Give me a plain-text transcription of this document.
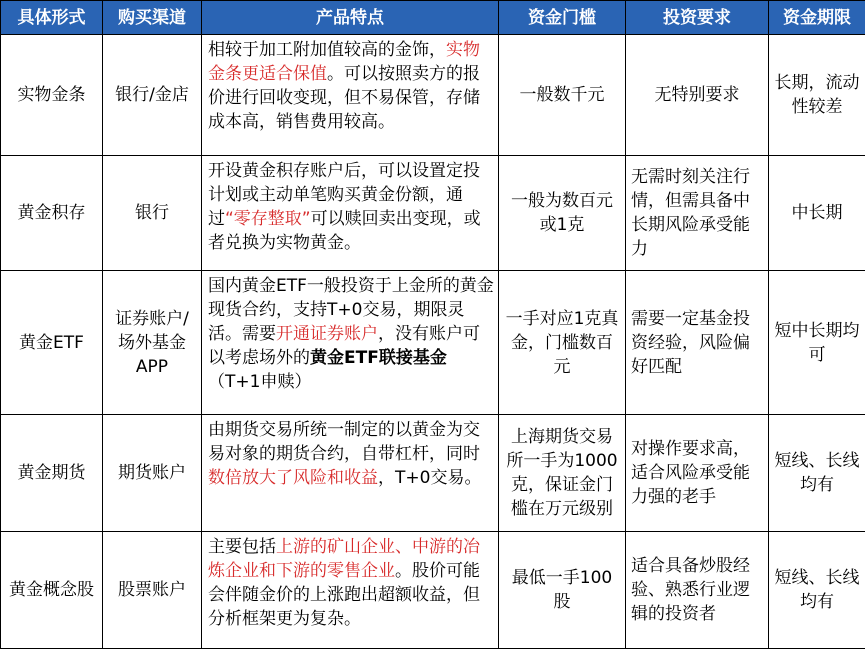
具体形式	购买渠道	产品特点	资金门槛	投资要求	资金期限
实物金条	银行/金店	相较于加工附加值较高的金饰，实物金条更适合保值。可以按照卖方的报价进行回收变现，但不易保管，存储成本高，销售费用较高。	一般数千元	无特别要求	长期，流动性较差
黄金积存	银行	开设黄金积存账户后，可以设置定投计划或主动单笔购买黄金份额，通过“零存整取”可以赎回卖出变现，或者兑换为实物黄金。	一般为数百元或1克	无需时刻关注行情，但需具备中长期风险承受能力	中长期
黄金ETF	证券账户/场外基金APP	国内黄金ETF一般投资于上金所的黄金现货合约，支持T+0交易，期限灵活。需要开通证券账户，没有账户可以考虑场外的黄金ETF联接基金（T+1申赎）	一手对应1克真金，门槛数百元	需要一定基金投资经验，风险偏好匹配	短中长期均可
黄金期货	期货账户	由期货交易所统一制定的以黄金为交易对象的期货合约，自带杠杆，同时数倍放大了风险和收益，T+0交易。	上海期货交易所一手为1000克，保证金门槛在万元级别	对操作要求高，适合风险承受能力强的老手	短线、长线均有
黄金概念股	股票账户	主要包括上游的矿山企业、中游的冶炼企业和下游的零售企业。股价可能会伴随金价的上涨跑出超额收益，但分析框架更为复杂。	最低一手100股	适合具备炒股经验、熟悉行业逻辑的投资者	短线、长线均有
